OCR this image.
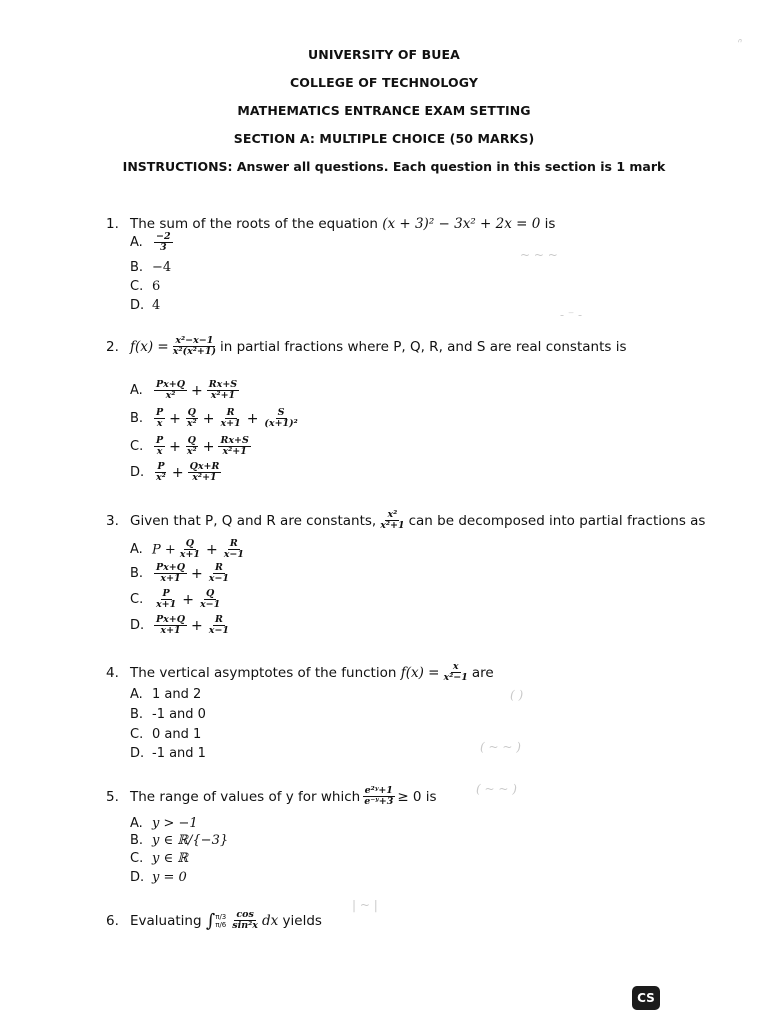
UNIVERSITY OF BUEA
COLLEGE OF TECHNOLOGY
MATHEMATICS ENTRANCE EXAM SETTING
SECTION A: MULTIPLE CHOICE (50 MARKS)
INSTRUCTIONS: Answer all questions. Each question in this section is 1 mark
1. The sum of the roots of the equation (x + 3)² − 3x² + 2x = 0 is
A. $\frac{-2}{3}$
B. −4
C. 6
D. 4
2. $f(x) = \frac{\text{x²−x−1}}{\text{x²(x²+1)}}$ in partial fractions where P, Q, R, and S are real constants is
A. $\frac{Px+Q}{\text{x²}} + \frac{Rx+S}{\text{x²+1}}$
B. $\frac{P}{x} + \frac{Q}{\text{x²}} + \frac{R}{x+1} + \frac{S}{\text{(x+1)²}}$
C. $\frac{P}{x} + \frac{Q}{\text{x²}} + \frac{Rx+S}{\text{x²+1}}$
D. $\frac{P}{\text{x²}} + \frac{Qx+R}{\text{x²+1}}$
3. Given that P, Q and R are constants, $\frac{\text{x²}}{\text{x²+1}}$ can be decomposed into partial fractions as
A. $P + \frac{Q}{x+1} + \frac{R}{x-1}$
B. $\frac{Px+Q}{x+1} + \frac{R}{x-1}$
C. $\frac{P}{x+1} + \frac{Q}{x-1}$
D. $\frac{Px+Q}{x+1} + \frac{R}{x-1}$
4. The vertical asymptotes of the function $f(x) = \frac{x}{\text{x²−1}}$ are
A. 1 and 2
B. -1 and 0
C. 0 and 1
D. -1 and 1
5. The range of values of y for which $\frac{\text{e²ʸ+1}}{\text{e⁻ʸ+3}} \ge 0$ is
A. y > −1
B. y ∈ ℝ/{−3}
C. y ∈ ℝ
D. y = 0
6. Evaluating ∫ π/3
$\pi/6 \frac{\cos}{\text{sin²x}}$ dx yields
ᐢ
~ ~ ~
- ⁻ -
( )
( ~ ~ )
( ~ ~ )
| ~ |
CS
